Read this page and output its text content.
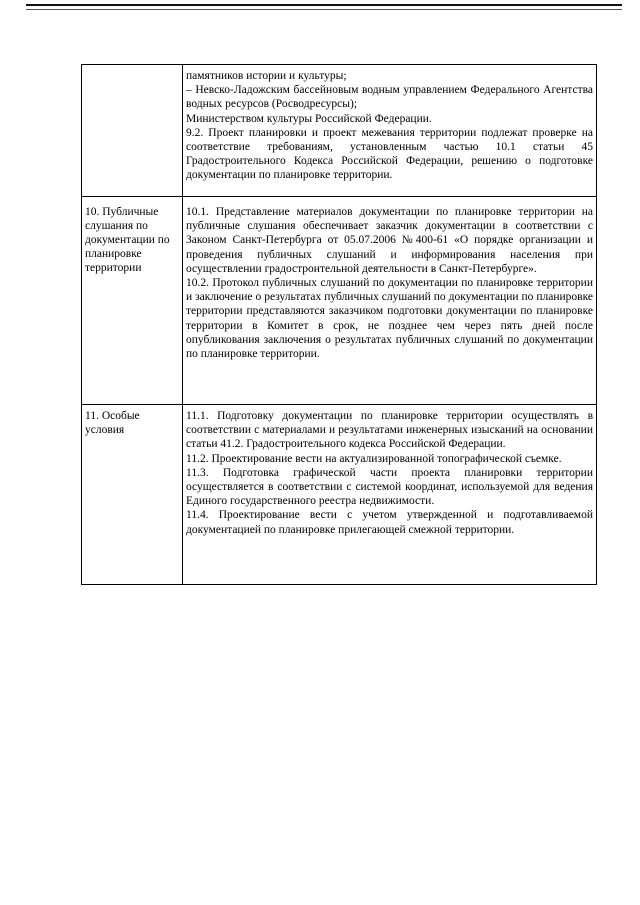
	памятников истории и культуры;

– Невско-Ладожским бассейновым водным управлением Федерального Агентства водных ресурсов (Росводресурсы);

Министерством культуры Российской Федерации.

9.2. Проект планировки и проект межевания территории подлежат проверке на соответствие требованиям, установленным частью 10.1 статьи 45 Градостроительного Кодекса Российской Федерации, решению о подготовке документации по планировке территории.

10. Публичные слушания по документации по планировке территории	10.1. Представление материалов документации по планировке территории на публичные слушания обеспечивает заказчик документации в соответствии с Законом Санкт-Петербурга от 05.07.2006 №400-61 «О порядке организации и проведения публичных слушаний и информирования населения при осуществлении градостроительной деятельности в Санкт-Петербурге».

10.2. Протокол публичных слушаний по документации по планировке территории и заключение о результатах публичных слушаний по документации по планировке территории представляются заказчиком подготовки документации по планировке территории в Комитет в срок, не позднее чем через пять дней после опубликования заключения о результатах публичных слушаний по документации по планировке территории.

11. Особые условия	11.1. Подготовку документации по планировке территории осуществлять в соответствии с материалами и результатами инженерных изысканий на основании статьи 41.2. Градостроительного кодекса Российской Федерации.

11.2. Проектирование вести на актуализированной топографической съемке.

11.3. Подготовка графической части проекта планировки территории осуществляется в соответствии с системой координат, используемой для ведения Единого государственного реестра недвижимости.

11.4. Проектирование вести с учетом утвержденной и подготавливаемой документацией по планировке прилегающей смежной территории.
